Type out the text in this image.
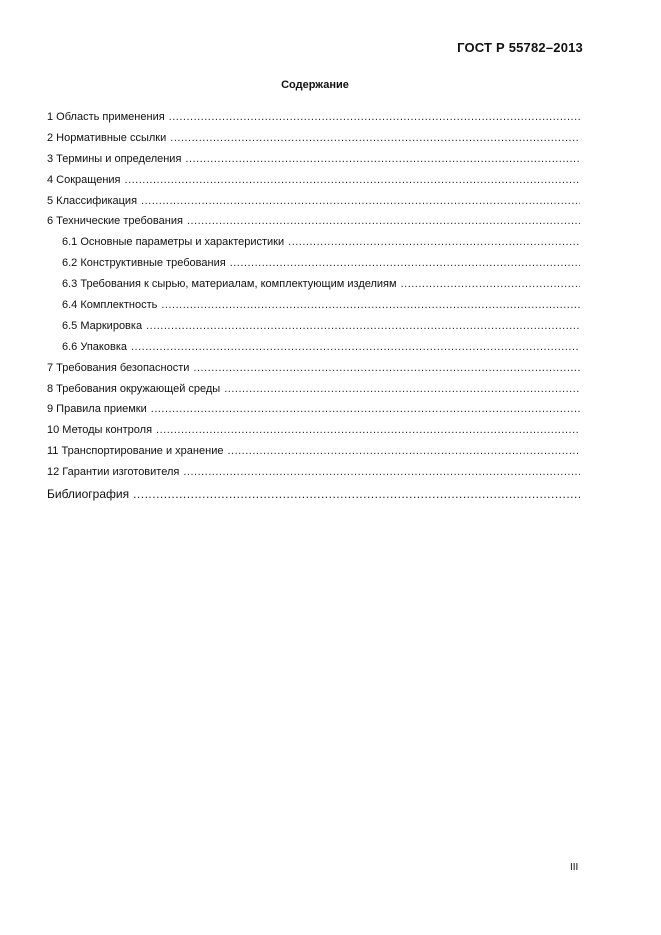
ГОСТ Р 55782–2013
Содержание
1 Область применения
.....
2 Нормативные ссылки
.....
3 Термины и определения
.....
4 Сокращения
.....
5 Классификация
.....
6 Технические требования
.....
6.1 Основные параметры и характеристики
.....
6.2 Конструктивные требования
.....
6.3 Требования к сырью, материалам, комплектующим изделиям
.....
6.4 Комплектность
.....
6.5 Маркировка
.....
6.6 Упаковка
.....
7 Требования безопасности
.....
8 Требования окружающей среды
.....
9 Правила приемки
.....
10 Методы контроля
.....
11 Транспортирование и хранение
.....
12 Гарантии изготовителя
.....
Библиография
.....
III
